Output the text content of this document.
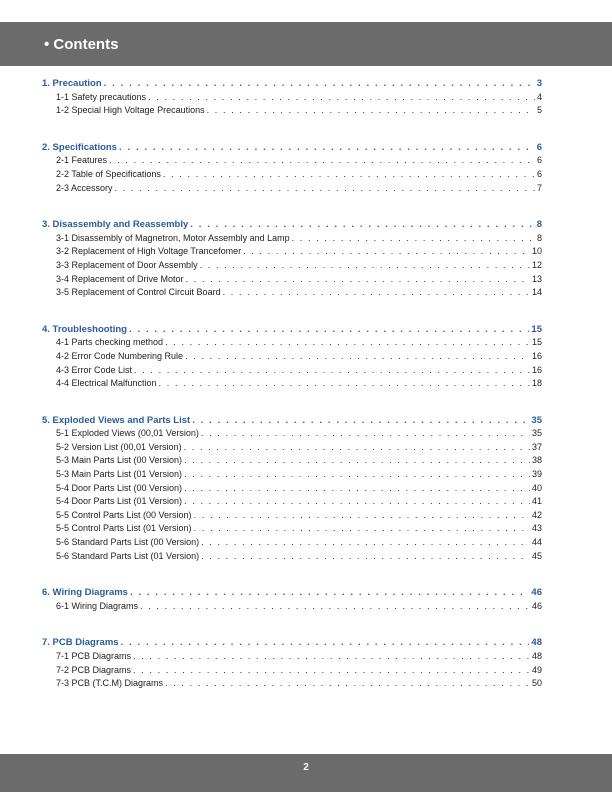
• Contents
1. Precaution . . .	3
1-1 Safety precautions . . .	4
1-2 Special High Voltage Precautions . . .	5
2. Specifications . . .	6
2-1 Features . . .	6
2-2 Table of Specifications . . .	6
2-3 Accessory . . .	7
3. Disassembly and Reassembly . . .	8
3-1 Disassembly of Magnetron, Motor Assembly and Lamp . . .	8
3-2 Replacement of High Voltage Trancefomer . . .	10
3-3 Replacement of Door Assembly . . .	12
3-4 Replacement of Drive Motor . . .	13
3-5 Replacement of Control Circuit Board . . .	14
4. Troubleshooting . . .	15
4-1 Parts checking method . . .	15
4-2 Error Code Numbering Rule . . .	16
4-3 Error Code List . . .	16
4-4 Electrical Malfunction . . .	18
5. Exploded Views and Parts List . . .	35
5-1 Exploded Views (00,01 Version) . . .	35
5-2 Version List (00,01 Version) . . .	37
5-3 Main Parts List (00 Version) . . .	38
5-3 Main Parts List (01 Version) . . .	39
5-4 Door Parts List (00 Version) . . .	40
5-4 Door Parts List (01 Version) . . .	41
5-5 Control Parts List (00 Version) . . .	42
5-5 Control Parts List (01 Version) . . .	43
5-6 Standard Parts List (00 Version) . . .	44
5-6 Standard Parts List (01 Version) . . .	45
6. Wiring Diagrams . . .	46
6-1 Wiring Diagrams . . .	46
7. PCB Diagrams . . .	48
7-1 PCB Diagrams . . .	48
7-2 PCB Diagrams . . .	49
7-3 PCB (T.C.M) Diagrams . . .	50
2
